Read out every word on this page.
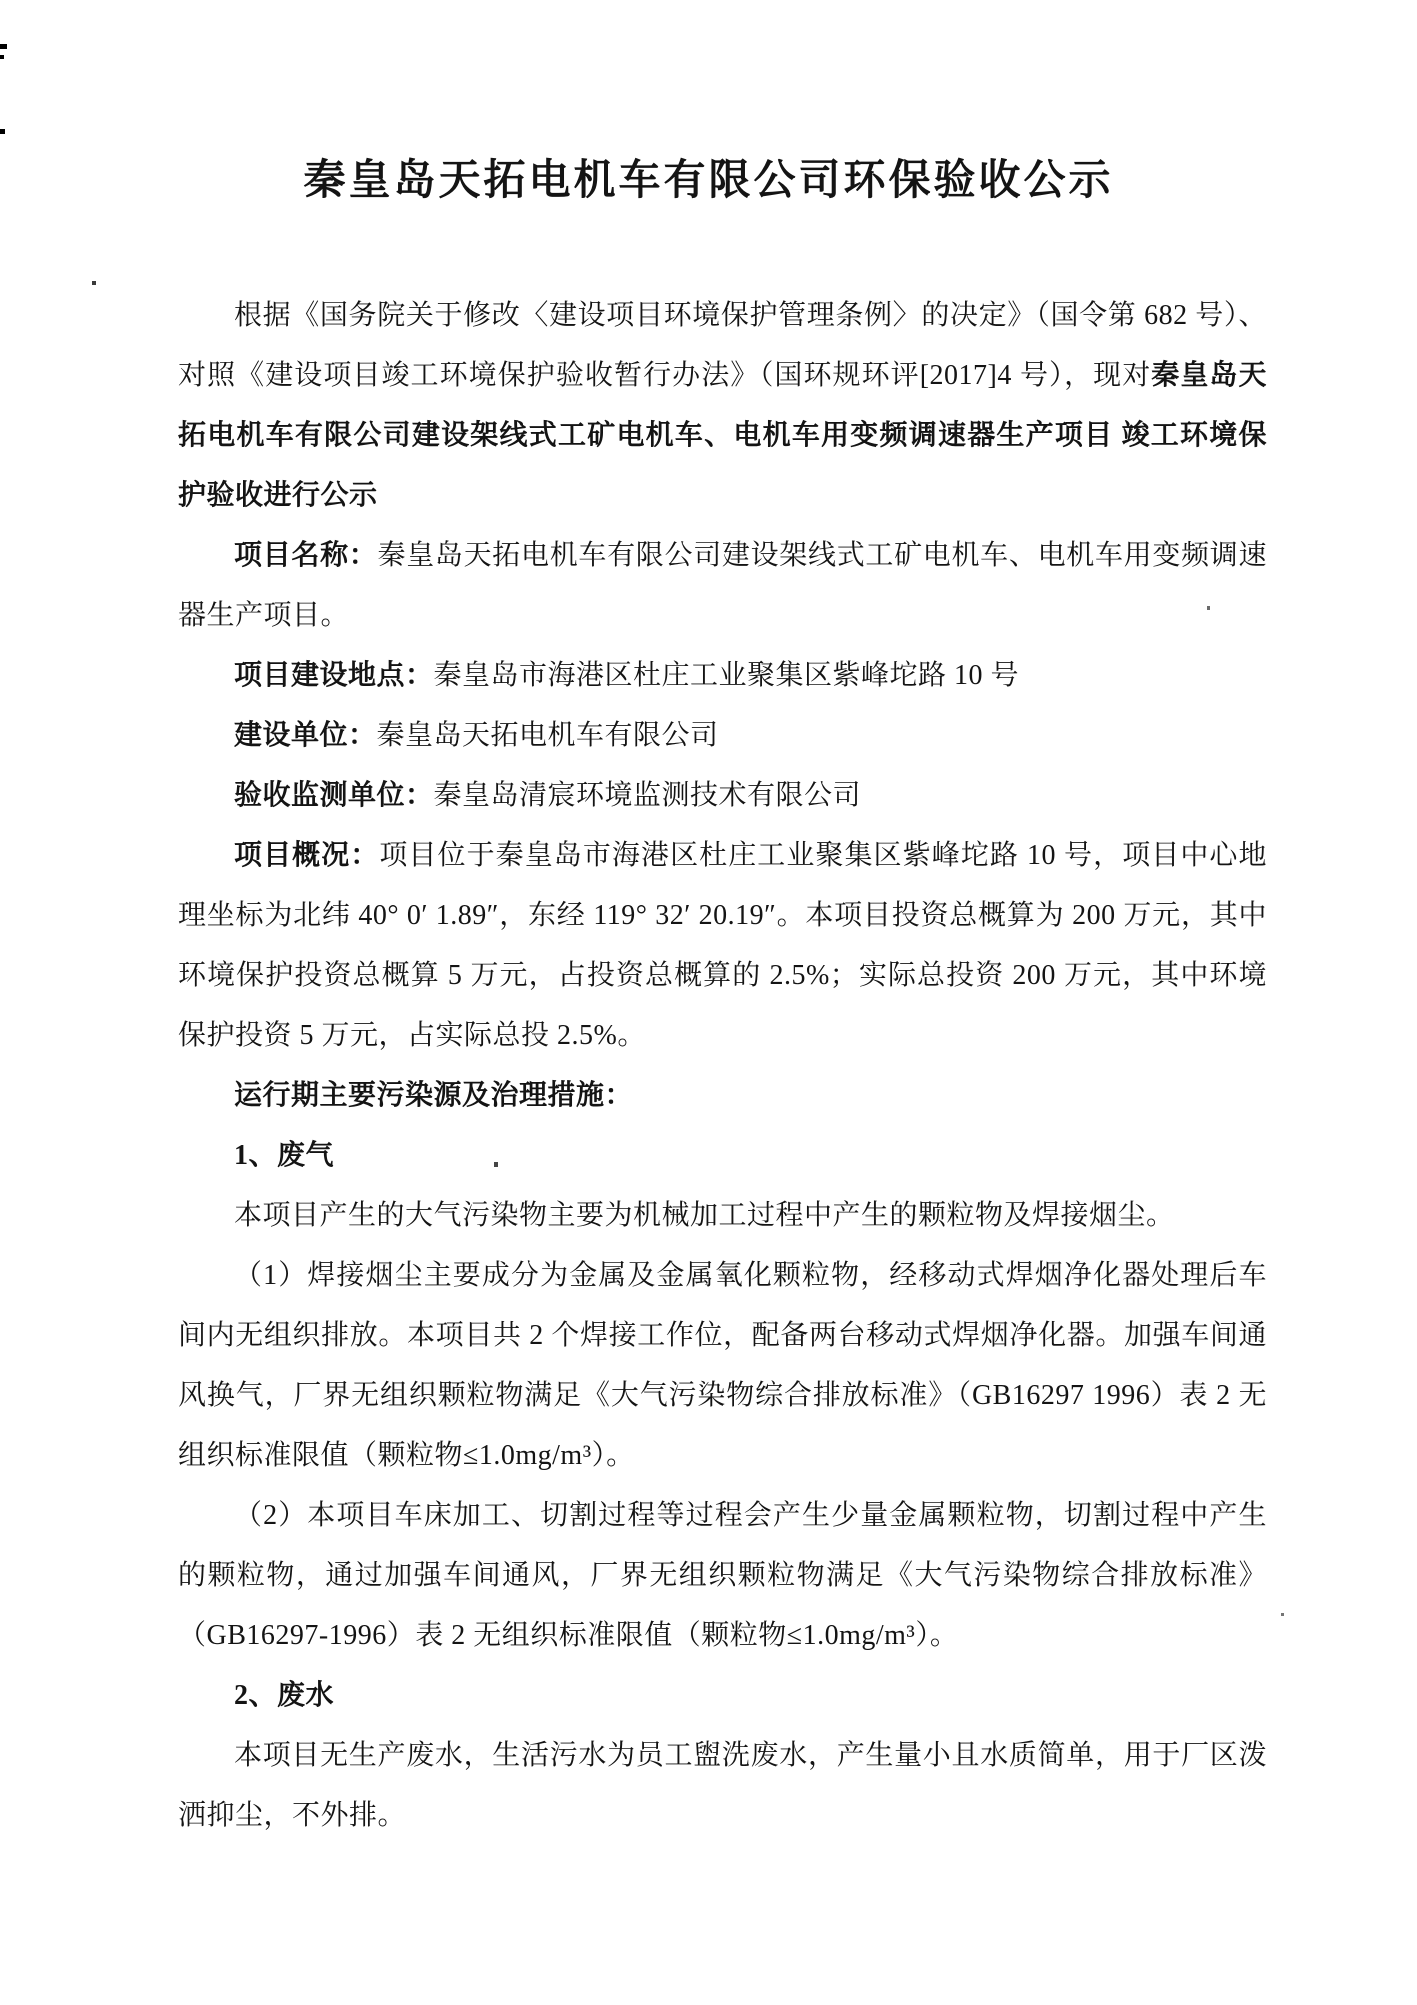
秦皇岛天拓电机车有限公司环保验收公示

根据《国务院关于修改〈建设项目环境保护管理条例〉的决定》（国令第 682 号）、对照《建设项目竣工环境保护验收暂行办法》（国环规环评[2017]4 号），现对秦皇岛天拓电机车有限公司建设架线式工矿电机车、电机车用变频调速器生产项目 竣工环境保护验收进行公示

项目名称：秦皇岛天拓电机车有限公司建设架线式工矿电机车、电机车用变频调速器生产项目。

项目建设地点：秦皇岛市海港区杜庄工业聚集区紫峰坨路 10 号

建设单位：秦皇岛天拓电机车有限公司

验收监测单位：秦皇岛清宸环境监测技术有限公司

项目概况：项目位于秦皇岛市海港区杜庄工业聚集区紫峰坨路 10 号，项目中心地理坐标为北纬 40° 0′ 1.89″，东经 119° 32′ 20.19″。本项目投资总概算为 200 万元，其中环境保护投资总概算 5 万元，占投资总概算的 2.5%；实际总投资 200 万元，其中环境保护投资 5 万元，占实际总投 2.5%。

运行期主要污染源及治理措施：

1、废气

本项目产生的大气污染物主要为机械加工过程中产生的颗粒物及焊接烟尘。

（1）焊接烟尘主要成分为金属及金属氧化颗粒物，经移动式焊烟净化器处理后车间内无组织排放。本项目共 2 个焊接工作位，配备两台移动式焊烟净化器。加强车间通风换气，厂界无组织颗粒物满足《大气污染物综合排放标准》（GB16297 1996）表 2 无组织标准限值（颗粒物≤1.0mg/m³）。

（2）本项目车床加工、切割过程等过程会产生少量金属颗粒物，切割过程中产生的颗粒物，通过加强车间通风，厂界无组织颗粒物满足《大气污染物综合排放标准》（GB16297-1996）表 2 无组织标准限值（颗粒物≤1.0mg/m³）。

2、废水

本项目无生产废水，生活污水为员工盥洗废水，产生量小且水质简单，用于厂区泼洒抑尘，不外排。
